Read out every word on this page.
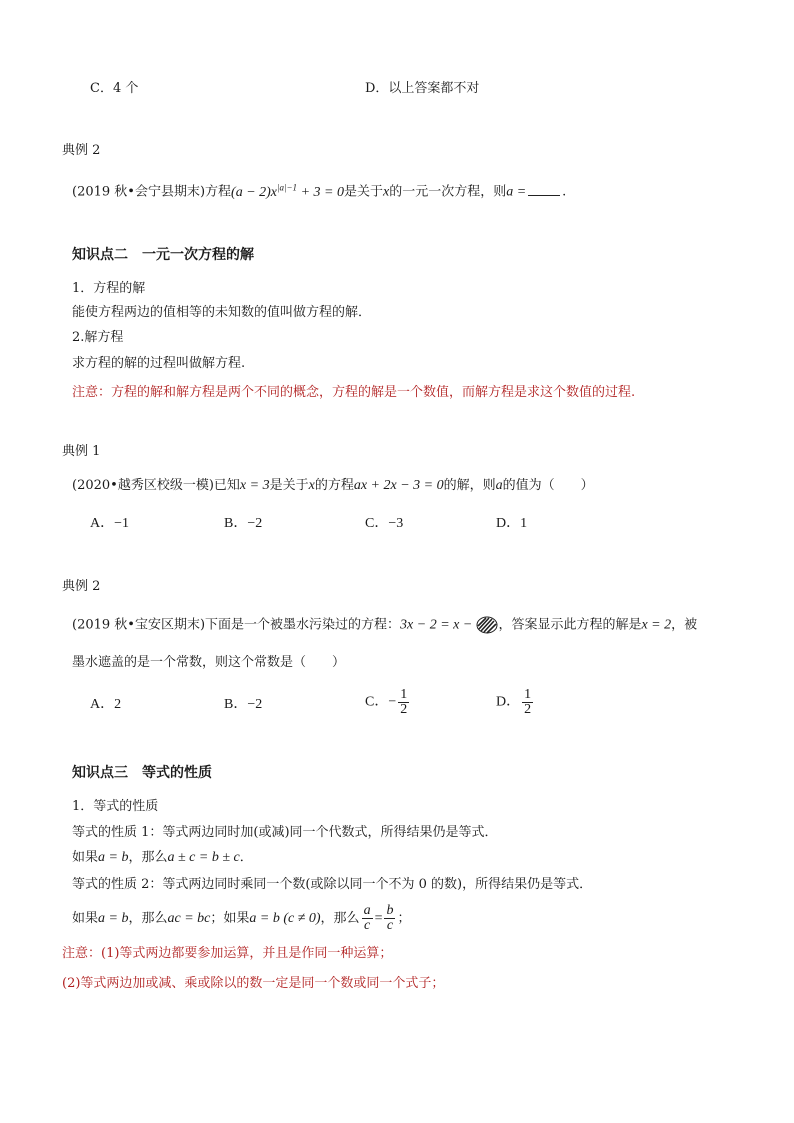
C．4 个	D．以上答案都不对
典例 2
(2019 秋•会宁县期末)方程$(a - 2)x^{|a|-1} + 3 = 0$是关于x的一元一次方程，则a =	.
知识点二　一元一次方程的解
1．方程的解
能使方程两边的值相等的未知数的值叫做方程的解．
2.解方程
求方程的解的过程叫做解方程.
注意：方程的解和解方程是两个不同的概念，方程的解是一个数值，而解方程是求这个数值的过程.
典例 1
(2020•越秀区校级一模)已知x = 3是关于x的方程ax + 2x − 3 = 0的解，则a的值为（　　）
A．−1	B．−2	C．−3	D．1
典例 2
(2019 秋•宝安区期末)下面是一个被墨水污染过的方程：3x − 2 = x − ，答案显示此方程的解是x = 2，被
墨水遮盖的是一个常数，则这个常数是（　　）
A．2	B．−2	C．− $\frac{1}{2}$	D． $\frac{1}{2}$
知识点三　等式的性质
1．等式的性质
等式的性质 1：等式两边同时加(或减)同一个代数式，所得结果仍是等式．
如果a = b，那么a ± c = b ± c．
等式的性质 2：等式两边同时乘同一个数(或除以同一个不为 0 的数)，所得结果仍是等式．
如果a = b，那么ac = bc；如果a = b (c ≠ 0)，那么 $\frac{a}{c} = \frac{b}{c}$ ；
注意：(1)等式两边都要参加运算，并且是作同一种运算；
(2)等式两边加或减、乘或除以的数一定是同一个数或同一个式子；
